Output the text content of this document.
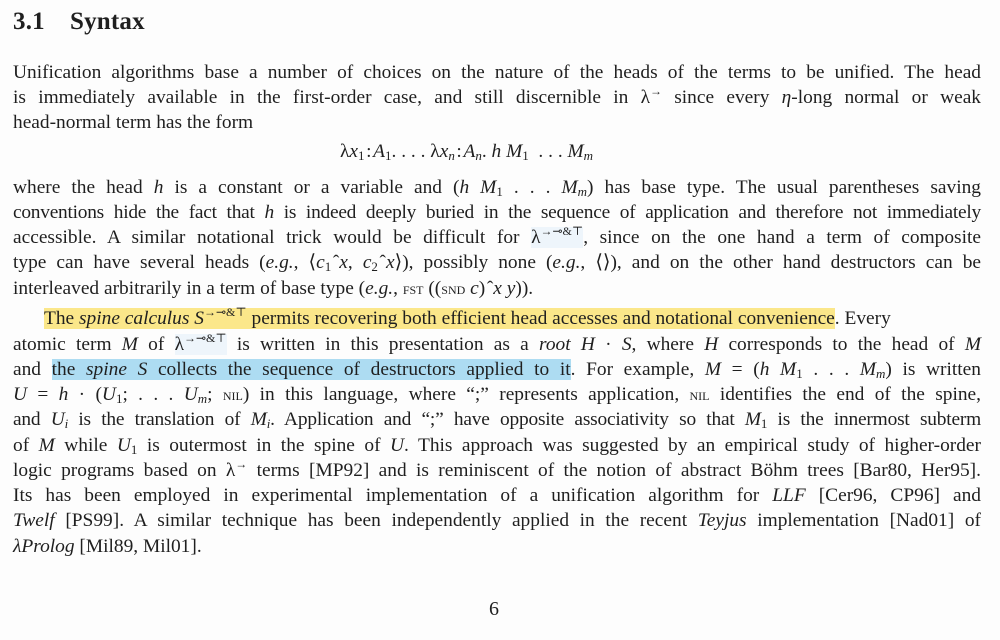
3.1 Syntax
Unification algorithms base a number of choices on the nature of the heads of the terms to be unified. The head
is immediately available in the first-order case, and still discernible in λ→ since every η-long normal or weak
head-normal term has the form
$\lambda x_1$ : $A_1$. . . . $\lambda x_n$ : $A_n$. h $M_1$  . . . $M_m$
where the head h is a constant or a variable and (h $M_1$ . . . $M_m$) has base type. The usual parentheses saving
conventions hide the fact that h is indeed deeply buried in the sequence of application and therefore not immediately
accessible. A similar notational trick would be difficult for λ→⊸&⊤, since on the one hand a term of composite
type can have several heads (e.g., $⟨c_1$ ˆx, $c_2$ ˆx⟩), possibly none (e.g., ⟨⟩), and on the other hand destructors can be
interleaved arbitrarily in a term of base type (e.g., fst ((snd c) ˆx y)).
The spine calculus S→⊸&⊤ permits recovering both efficient head accesses and notational convenience. Every
atomic term M of λ→⊸&⊤ is written in this presentation as a root H · S, where H corresponds to the head of M
and the spine S collects the sequence of destructors applied to it. For example, M = (h $M_1$ . . . $M_m$) is written
$U = h \cdot (U_1$; . . . $U_m$; nil) in this language, where “;” represents application, nil identifies the end of the spine,
and $U_i$ is the translation of $M_i$. Application and “;” have opposite associativity so that $M_1$ is the innermost subterm
of M while $U_1$ is outermost in the spine of U. This approach was suggested by an empirical study of higher-order
logic programs based on λ→ terms [MP92] and is reminiscent of the notion of abstract Böhm trees [Bar80, Her95].
Its has been employed in experimental implementation of a unification algorithm for LLF [Cer96, CP96] and
Twelf [PS99]. A similar technique has been independently applied in the recent Teyjus implementation [Nad01] of
λProlog [Mil89, Mil01].
6
